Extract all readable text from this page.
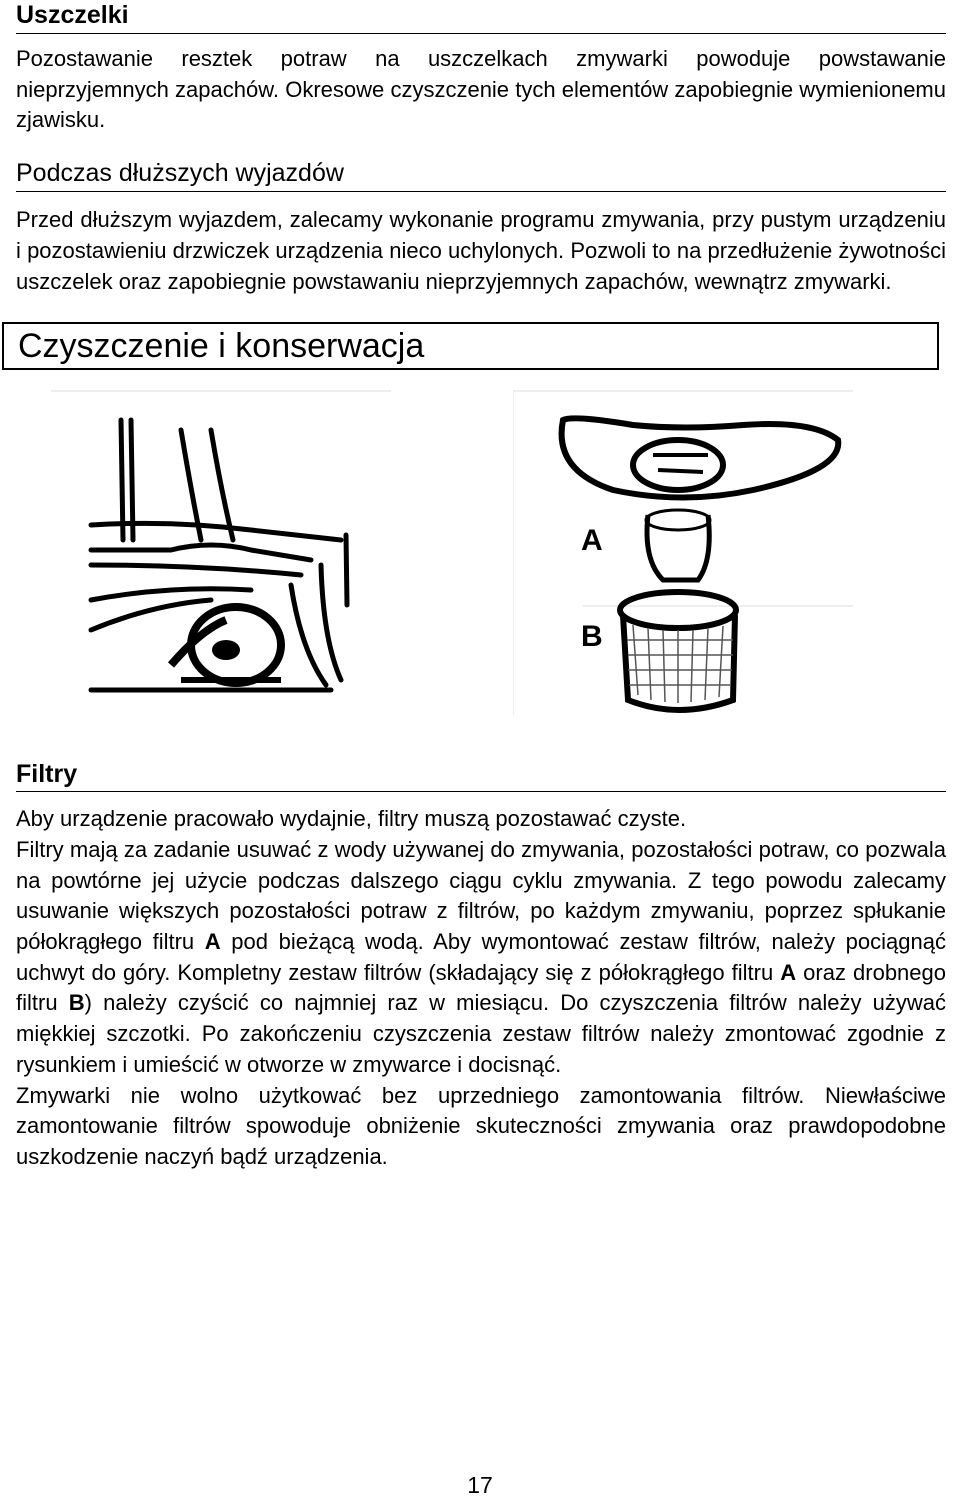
Uszczelki

Pozostawanie resztek potraw na uszczelkach zmywarki powoduje powstawanie nieprzyjemnych zapachów. Okresowe czyszczenie tych elementów zapobiegnie wymienionemu zjawisku.

Podczas dłuższych wyjazdów

Przed dłuższym wyjazdem, zalecamy wykonanie programu zmywania, przy pustym urządzeniu i pozostawieniu drzwiczek urządzenia nieco uchylonych. Pozwoli to na przedłużenie żywotności uszczelek oraz zapobiegnie powstawaniu nieprzyjemnych zapachów, wewnątrz zmywarki.

Czyszczenie i konserwacja
A
B
Filtry

Aby urządzenie pracowało wydajnie, filtry muszą pozostawać czyste.

Filtry mają za zadanie usuwać z wody używanej do zmywania, pozostałości potraw, co pozwala na powtórne jej użycie podczas dalszego ciągu cyklu zmywania. Z tego powodu zalecamy usuwanie większych pozostałości potraw z filtrów, po każdym zmywaniu, poprzez spłukanie półokrągłego filtru A pod bieżącą wodą. Aby wymontować zestaw filtrów, należy pociągnąć uchwyt do góry. Kompletny zestaw filtrów (składający się z półokrągłego filtru A oraz drobnego filtru B) należy czyścić co najmniej raz w miesiącu. Do czyszczenia filtrów należy używać miękkiej szczotki. Po zakończeniu czyszczenia zestaw filtrów należy zmontować zgodnie z rysunkiem i umieścić w otworze w zmywarce i docisnąć.

Zmywarki nie wolno użytkować bez uprzedniego zamontowania filtrów. Niewłaściwe zamontowanie filtrów spowoduje obniżenie skuteczności zmywania oraz prawdopodobne uszkodzenie naczyń bądź urządzenia.

17
